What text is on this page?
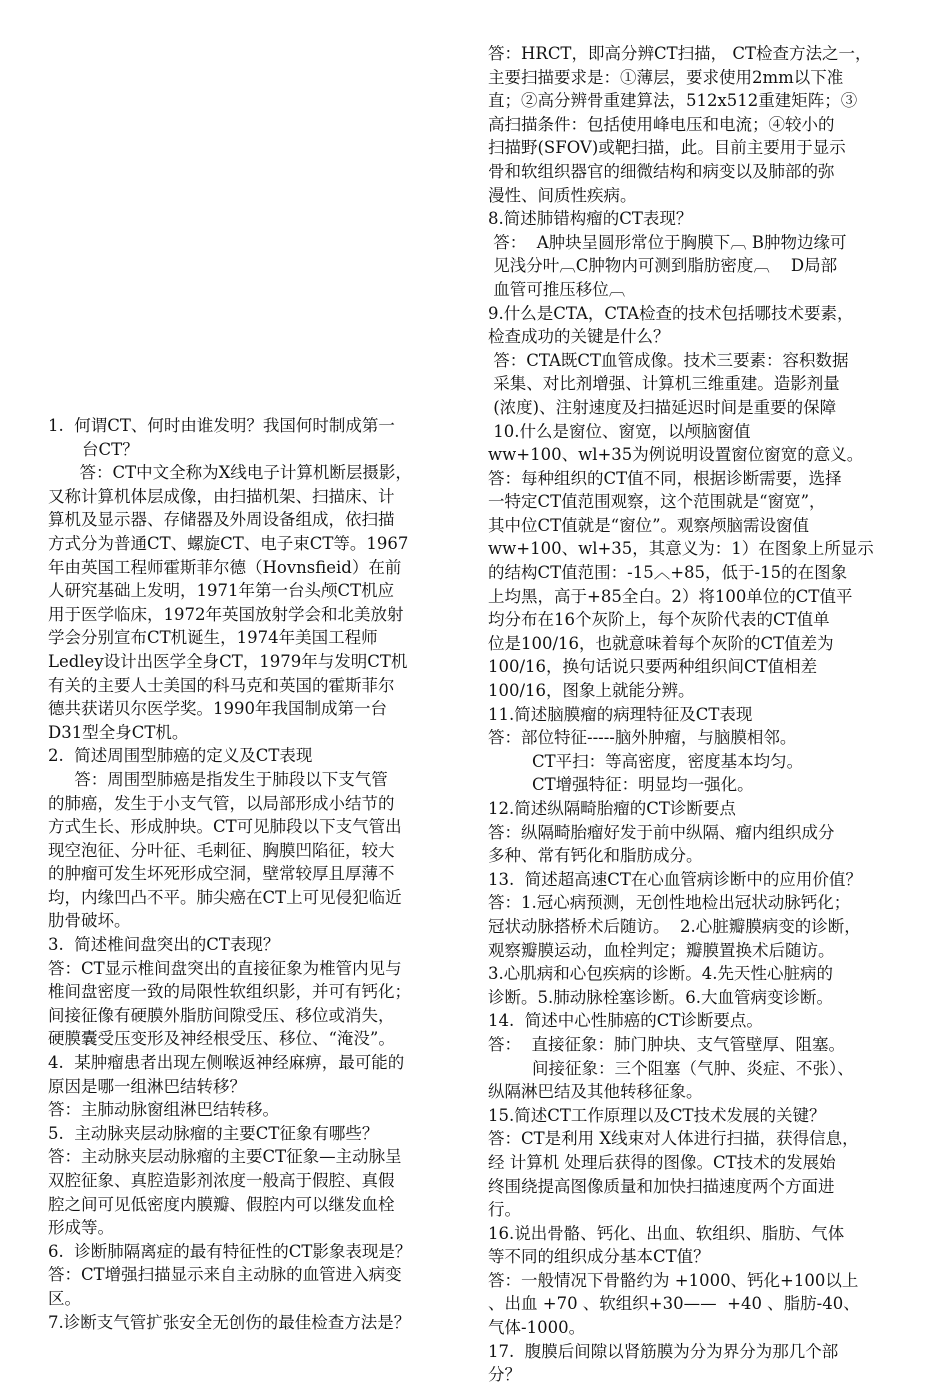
1.  何谓CT、何时由谁发明？我国何时制成第一

台CT？

答：CT中文全称为X线电子计算机断层摄影，

又称计算机体层成像，由扫描机架、扫描床、计

算机及显示器、存储器及外周设备组成，依扫描

方式分为普通CT、螺旋CT、电子束CT等。1967

年由英国工程师霍斯菲尔德（Hovnsfieid）在前

人研究基础上发明，1971年第一台头颅CT机应

用于医学临床，1972年英国放射学会和北美放射

学会分别宣布CT机诞生，1974年美国工程师

Ledley设计出医学全身CT，1979年与发明CT机

有关的主要人士美国的科马克和英国的霍斯菲尔

德共获诺贝尔医学奖。1990年我国制成第一台

D31型全身CT机。

2.  简述周围型肺癌的定义及CT表现

答：周围型肺癌是指发生于肺段以下支气管

的肺癌，发生于小支气管，以局部形成小结节的

方式生长、形成肿块。CT可见肺段以下支气管出

现空泡征、分叶征、毛刺征、胸膜凹陷征，较大

的肿瘤可发生坏死形成空洞，壁常较厚且厚薄不

均，内缘凹凸不平。肺尖癌在CT上可见侵犯临近

肋骨破坏。

3.  简述椎间盘突出的CT表现？

答：CT显示椎间盘突出的直接征象为椎管内见与

椎间盘密度一致的局限性软组织影，并可有钙化；

间接征像有硬膜外脂肪间隙受压、移位或消失，

硬膜囊受压变形及神经根受压、移位、“淹没”。

4.  某肿瘤患者出现左侧喉返神经麻痹，最可能的

原因是哪一组淋巴结转移？

答：主肺动脉窗组淋巴结转移。

5.  主动脉夹层动脉瘤的主要CT征象有哪些？

答：主动脉夹层动脉瘤的主要CT征象—主动脉呈

双腔征象、真腔造影剂浓度一般高于假腔、真假

腔之间可见低密度内膜瓣、假腔内可以继发血栓

形成等。

6.  诊断肺隔离症的最有特征性的CT影象表现是？

答：CT增强扫描显示来自主动脉的血管进入病变

区。

7.诊断支气管扩张安全无创伤的最佳检查方法是？

答：HRCT，即高分辨CT扫描， CT检查方法之一，

主要扫描要求是：①薄层，要求使用2mm以下准

直；②高分辨骨重建算法，512x512重建矩阵；③

高扫描条件：包括使用峰电压和电流；④较小的

扫描野(SFOV)或靶扫描，此。目前主要用于显示

骨和软组织器官的细微结构和病变以及肺部的弥

漫性、间质性疾病。

8.简述肺错构瘤的CT表现？

答：  A肿块呈圆形常位于胸膜下︹ B肿物边缘可

见浅分叶︹C肿物内可测到脂肪密度︹    D局部

血管可推压移位︹

9.什么是CTA，CTA检查的技术包括哪技术要素，

检查成功的关键是什么？

答：CTA既CT血管成像。技术三要素：容积数据

采集、对比剂增强、计算机三维重建。造影剂量

(浓度)、注射速度及扫描延迟时间是重要的保障

10.什么是窗位、窗宽，以颅脑窗值

ww+100、wl+35为例说明设置窗位窗宽的意义。

答：每种组织的CT值不同，根据诊断需要，选择

一特定CT值范围观察，这个范围就是“窗宽”，

其中位CT值就是“窗位”。观察颅脑需设窗值

ww+100、wl+35，其意义为：1）在图象上所显示

的结构CT值范围：-15︿+85，低于-15的在图象

上均黑，高于+85全白。2）将100单位的CT值平

均分布在16个灰阶上，每个灰阶代表的CT值单

位是100/16，也就意味着每个灰阶的CT值差为

100/16，换句话说只要两种组织间CT值相差

100/16，图象上就能分辨。

11.简述脑膜瘤的病理特征及CT表现

答：部位特征-----脑外肿瘤，与脑膜相邻。

CT平扫：等高密度，密度基本均匀。

CT增强特征：明显均一强化。

12.简述纵隔畸胎瘤的CT诊断要点

答：纵隔畸胎瘤好发于前中纵隔、瘤内组织成分

多种、常有钙化和脂肪成分。

13.  简述超高速CT在心血管病诊断中的应用价值？

答：1.冠心病预测，无创性地检出冠状动脉钙化；

冠状动脉搭桥术后随访。  2.心脏瓣膜病变的诊断，

观察瓣膜运动，血栓判定；瓣膜置换术后随访。

3.心肌病和心包疾病的诊断。4.先天性心脏病的

诊断。5.肺动脉栓塞诊断。6.大血管病变诊断。

14.  简述中心性肺癌的CT诊断要点。

答：  直接征象：肺门肿块、支气管壁厚、阻塞。

间接征象：三个阻塞（气肿、炎症、不张）、

纵隔淋巴结及其他转移征象。

15.简述CT工作原理以及CT技术发展的关键？

答：CT是利用 X线束对人体进行扫描，获得信息，

经 计算机 处理后获得的图像。CT技术的发展始

终围绕提高图像质量和加快扫描速度两个方面进

行。

16.说出骨骼、钙化、出血、软组织、脂肪、气体

等不同的组织成分基本CT值？

答：一般情况下骨骼约为 +1000、钙化+100以上

、出血 +70 、软组织+30——  +40 、脂肪-40、

气体-1000。

17.  腹膜后间隙以肾筋膜为分为界分为那几个部

分？
